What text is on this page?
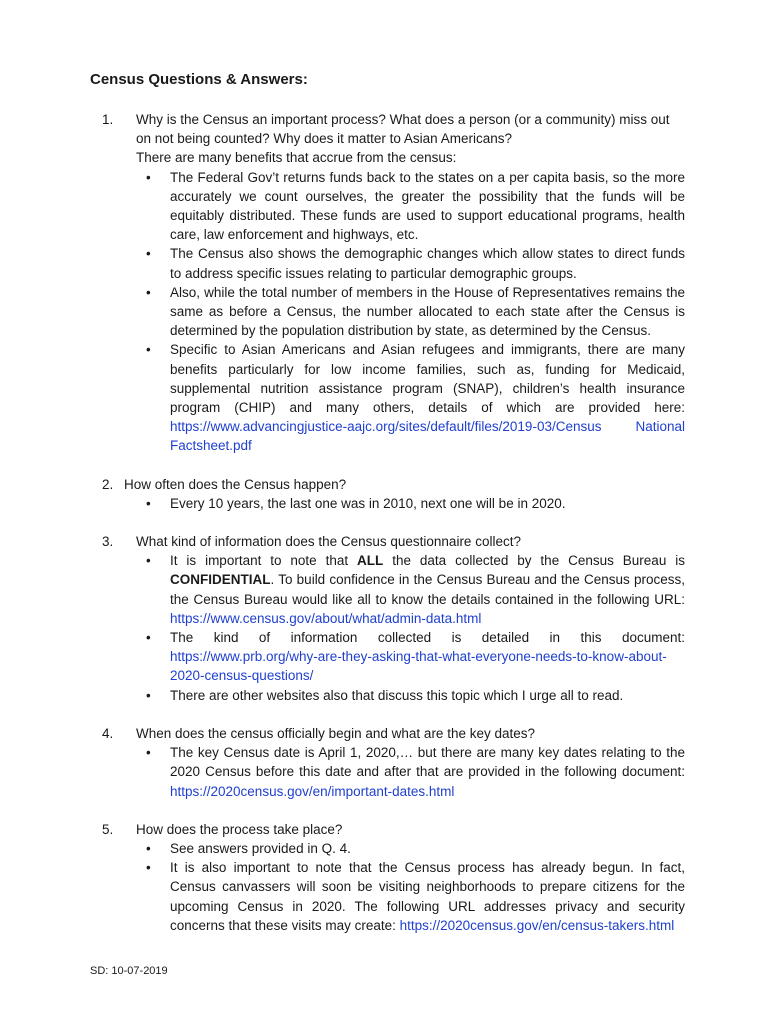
Census Questions & Answers:
1. Why is the Census an important process? What does a person (or a community) miss out on not being counted? Why does it matter to Asian Americans?
There are many benefits that accrue from the census:
• The Federal Gov’t returns funds back to the states on a per capita basis, so the more accurately we count ourselves, the greater the possibility that the funds will be equitably distributed. These funds are used to support educational programs, health care, law enforcement and highways, etc.
• The Census also shows the demographic changes which allow states to direct funds to address specific issues relating to particular demographic groups.
• Also, while the total number of members in the House of Representatives remains the same as before a Census, the number allocated to each state after the Census is determined by the population distribution by state, as determined by the Census.
• Specific to Asian Americans and Asian refugees and immigrants, there are many benefits particularly for low income families, such as, funding for Medicaid, supplemental nutrition assistance program (SNAP), children’s health insurance program (CHIP) and many others, details of which are provided here: https://www.advancingjustice-aajc.org/sites/default/files/2019-03/Census National Factsheet.pdf
2. How often does the Census happen?
• Every 10 years, the last one was in 2010, next one will be in 2020.
3. What kind of information does the Census questionnaire collect?
• It is important to note that ALL the data collected by the Census Bureau is CONFIDENTIAL. To build confidence in the Census Bureau and the Census process, the Census Bureau would like all to know the details contained in the following URL: https://www.census.gov/about/what/admin-data.html
• The kind of information collected is detailed in this document: https://www.prb.org/why-are-they-asking-that-what-everyone-needs-to-know-about-2020-census-questions/
• There are other websites also that discuss this topic which I urge all to read.
4. When does the census officially begin and what are the key dates?
• The key Census date is April 1, 2020,… but there are many key dates relating to the 2020 Census before this date and after that are provided in the following document: https://2020census.gov/en/important-dates.html
5. How does the process take place?
• See answers provided in Q. 4.
• It is also important to note that the Census process has already begun. In fact, Census canvassers will soon be visiting neighborhoods to prepare citizens for the upcoming Census in 2020. The following URL addresses privacy and security concerns that these visits may create: https://2020census.gov/en/census-takers.html
SD: 10-07-2019
